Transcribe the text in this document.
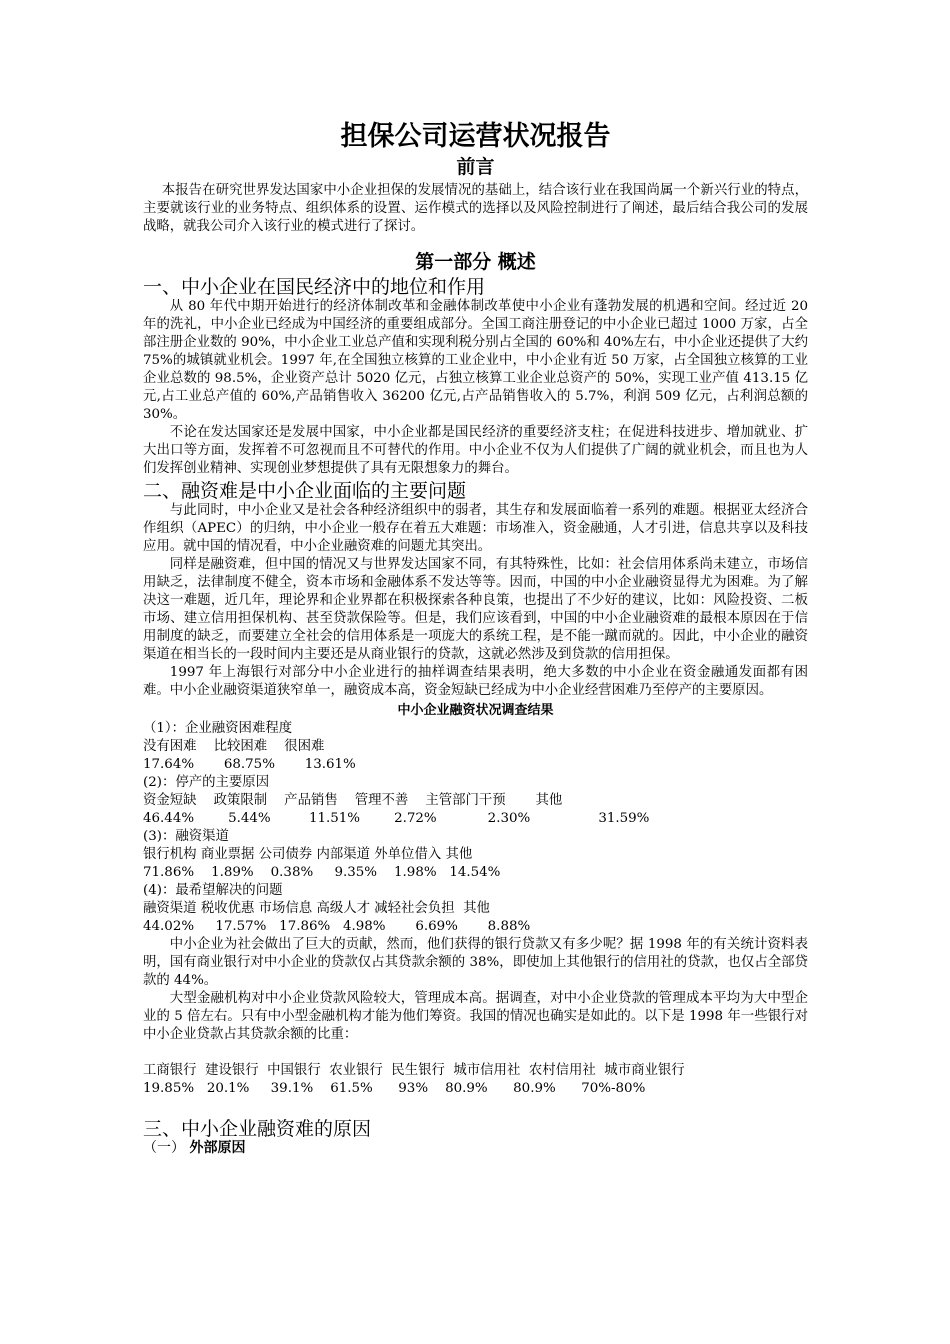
担保公司运营状况报告
前言

本报告在研究世界发达国家中小企业担保的发展情况的基础上，结合该行业在我国尚属一个新兴行业的特点，主要就该行业的业务特点、组织体系的设置、运作模式的选择以及风险控制进行了阐述，最后结合我公司的发展战略，就我公司介入该行业的模式进行了探讨。

第一部分 概述
一、中小企业在国民经济中的地位和作用

从 80 年代中期开始进行的经济体制改革和金融体制改革使中小企业有蓬勃发展的机遇和空间。经过近 20 年的洗礼，中小企业已经成为中国经济的重要组成部分。全国工商注册登记的中小企业已超过 1000 万家，占全部注册企业数的 90%，中小企业工业总产值和实现利税分别占全国的 60%和 40%左右，中小企业还提供了大约 75%的城镇就业机会。1997 年,在全国独立核算的工业企业中，中小企业有近 50 万家，占全国独立核算的工业企业总数的 98.5%，企业资产总计 5020 亿元，占独立核算工业企业总资产的 50%，实现工业产值 413.15 亿元,占工业总产值的 60%,产品销售收入 36200 亿元,占产品销售收入的 5.7%，利润 509 亿元，占利润总额的 30%。

不论在发达国家还是发展中国家，中小企业都是国民经济的重要经济支柱；在促进科技进步、增加就业、扩大出口等方面，发挥着不可忽视而且不可替代的作用。中小企业不仅为人们提供了广阔的就业机会，而且也为人们发挥创业精神、实现创业梦想提供了具有无限想象力的舞台。

二、融资难是中小企业面临的主要问题

与此同时，中小企业又是社会各种经济组织中的弱者，其生存和发展面临着一系列的难题。根据亚太经济合作组织（APEC）的归纳，中小企业一般存在着五大难题：市场准入，资金融通，人才引进，信息共享以及科技应用。就中国的情况看，中小企业融资难的问题尤其突出。

同样是融资难，但中国的情况又与世界发达国家不同，有其特殊性，比如：社会信用体系尚未建立，市场信用缺乏，法律制度不健全，资本市场和金融体系不发达等等。因而，中国的中小企业融资显得尤为困难。为了解决这一难题，近几年，理论界和企业界都在积极探索各种良策，也提出了不少好的建议，比如：风险投资、二板市场、建立信用担保机构、甚至贷款保险等。但是，我们应该看到，中国的中小企业融资难的最根本原因在于信用制度的缺乏，而要建立全社会的信用体系是一项庞大的系统工程，是不能一蹴而就的。因此，中小企业的融资渠道在相当长的一段时间内主要还是从商业银行的贷款，这就必然涉及到贷款的信用担保。

1997 年上海银行对部分中小企业进行的抽样调查结果表明，绝大多数的中小企业在资金融通发面都有困难。中小企业融资渠道狭窄单一，融资成本高，资金短缺已经成为中小企业经营困难乃至停产的主要原因。

中小企业融资状况调查结果
（1）：企业融资困难程度
没有困难    比较困难    很困难
17.64%       68.75%       13.61%
(2)：停产的主要原因
资金短缺    政策限制    产品销售    管理不善    主管部门干预       其他
46.44%        5.44%         11.51%        2.72%            2.30%                31.59%
(3)：融资渠道
银行机构 商业票据 公司债券 内部渠道 外单位借入 其他
71.86%    1.89%    0.38%     9.35%    1.98%   14.54%
(4)：最希望解决的问题
融资渠道 税收优惠 市场信息 高级人才 减轻社会负担  其他
44.02%     17.57%   17.86%   4.98%       6.69%       8.88%

中小企业为社会做出了巨大的贡献，然而，他们获得的银行贷款又有多少呢？据 1998 年的有关统计资料表明，国有商业银行对中小企业的贷款仅占其贷款余额的 38%，即使加上其他银行的信用社的贷款，也仅占全部贷款的 44%。

大型金融机构对中小企业贷款风险较大，管理成本高。据调查，对中小企业贷款的管理成本平均为大中型企业的 5 倍左右。只有中小型金融机构才能为他们筹资。我国的情况也确实是如此的。以下是 1998 年一些银行对中小企业贷款占其贷款余额的比重：

工商银行  建设银行  中国银行  农业银行  民生银行  城市信用社  农村信用社  城市商业银行
19.85%   20.1%     39.1%    61.5%      93%    80.9%      80.9%      70%-80%
三、中小企业融资难的原因
（一） 外部原因
